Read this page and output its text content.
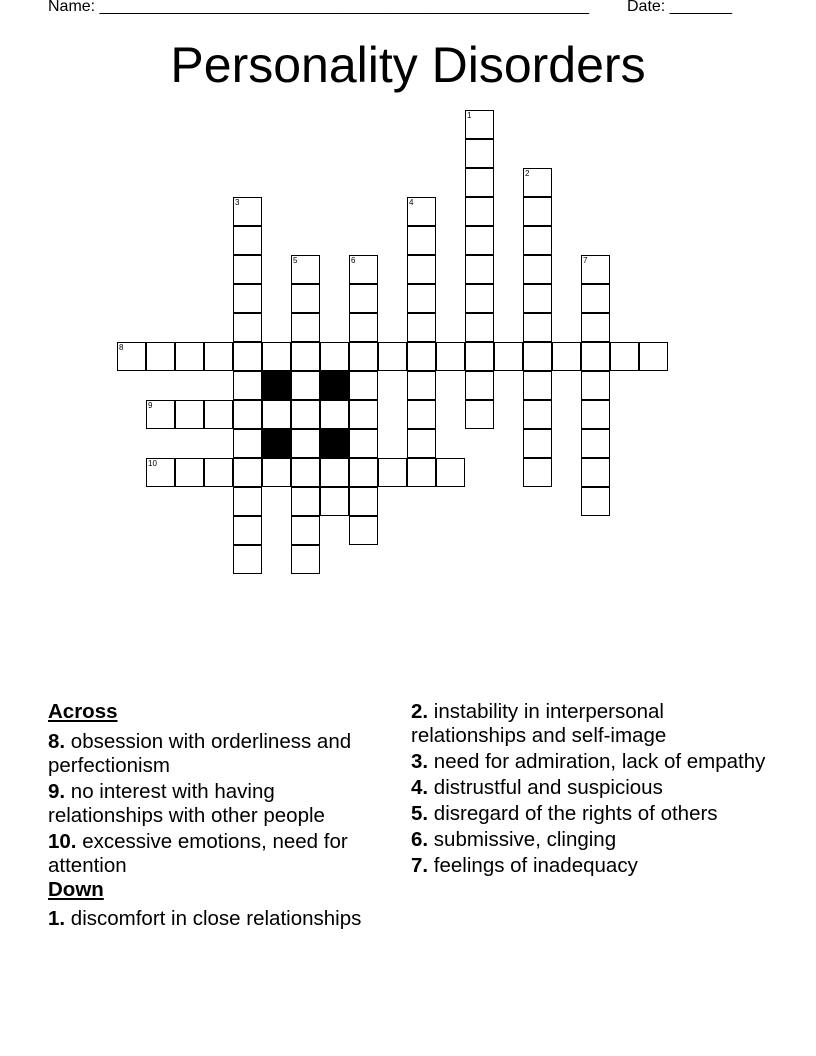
Name: _______________________________________________________ Date: _______
Personality Disorders
1
2
3	4
5	6	7
8
9
10
Across
8. obsession with orderliness and perfectionism
9. no interest with having relationships with other people
10. excessive emotions, need for attention
Down
1. discomfort in close relationships
2. instability in interpersonal relationships and self-image
3. need for admiration, lack of empathy
4. distrustful and suspicious
5. disregard of the rights of others
6. submissive, clinging
7. feelings of inadequacy
